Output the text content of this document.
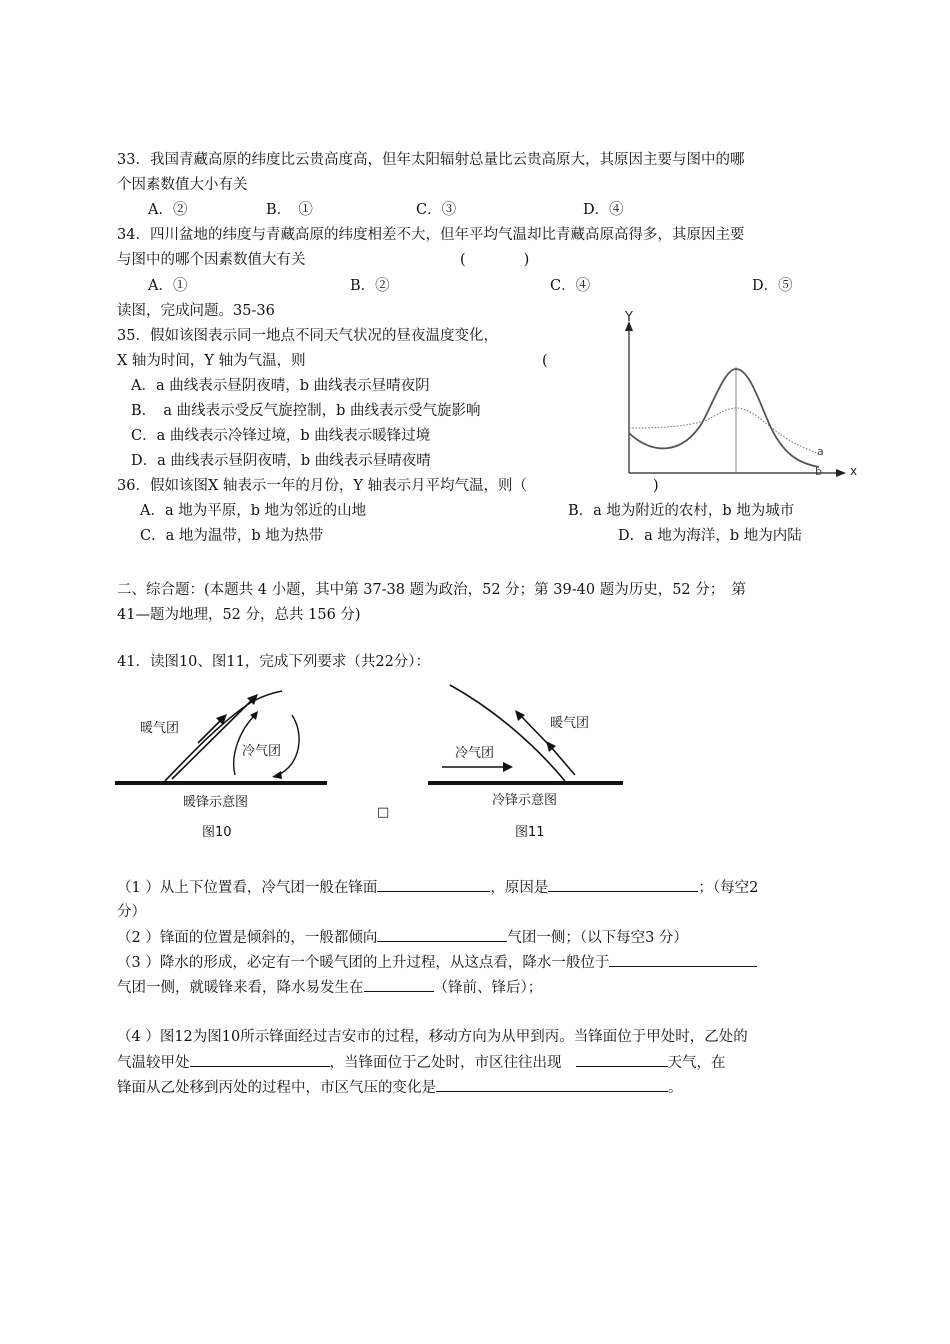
33．我国青藏高原的纬度比云贵高度高，但年太阳辐射总量比云贵高原大，其原因主要与图中的哪
个因素数值大小有关
A．②	B．　①	C．③	D．④
34．四川盆地的纬度与青藏高原的纬度相差不大，但年平均气温却比青藏高原高得多，其原因主要
与图中的哪个因素数值大有关	(　　　　)
A．①	B．②	C．④	D．⑤
读图，完成问题。35-36
35．假如该图表示同一地点不同天气状况的昼夜温度变化，
X 轴为时间，Y 轴为气温，则	(
A．a 曲线表示昼阴夜晴，b 曲线表示昼晴夜阴
B．　a 曲线表示受反气旋控制，b 曲线表示受气旋影响
C．a 曲线表示冷锋过境，b 曲线表示暖锋过境
D．a 曲线表示昼阴夜晴，b 曲线表示昼晴夜晴
36．假如该图X 轴表示一年的月份，Y 轴表示月平均气温，则（	)
A．a 地为平原，b 地为邻近的山地	B．a 地为附近的农村，b 地为城市
C．a 地为温带，b 地为热带	D．a 地为海洋，b 地为内陆
Y
x
a
b
二、综合题：(本题共 4 小题，其中第 37-38 题为政治，52 分；第 39-40 题为历史，52 分；　第
41—题为地理，52 分，总共 156 分)
41．读图10、图11，完成下列要求（共22分）：
暖气团
冷气团
暖锋示意图
图10
□
暖气团
冷气团
冷锋示意图
图11
（1 ）从上下位置看，冷气团一般在锋面	，原因是	；（每空2
分）
（2 ）锋面的位置是倾斜的，一般都倾向	气团一侧；（以下每空3 分）
（3 ）降水的形成，必定有一个暖气团的上升过程，从这点看，降水一般位于
气团一侧，就暖锋来看，降水易发生在	（锋前、锋后）；
（4 ）图12为图10所示锋面经过吉安市的过程，移动方向为从甲到丙。当锋面位于甲处时，乙处的
气温较甲处	，当锋面位于乙处时，市区往往出现	天气，在
锋面从乙处移到丙处的过程中，市区气压的变化是	。
